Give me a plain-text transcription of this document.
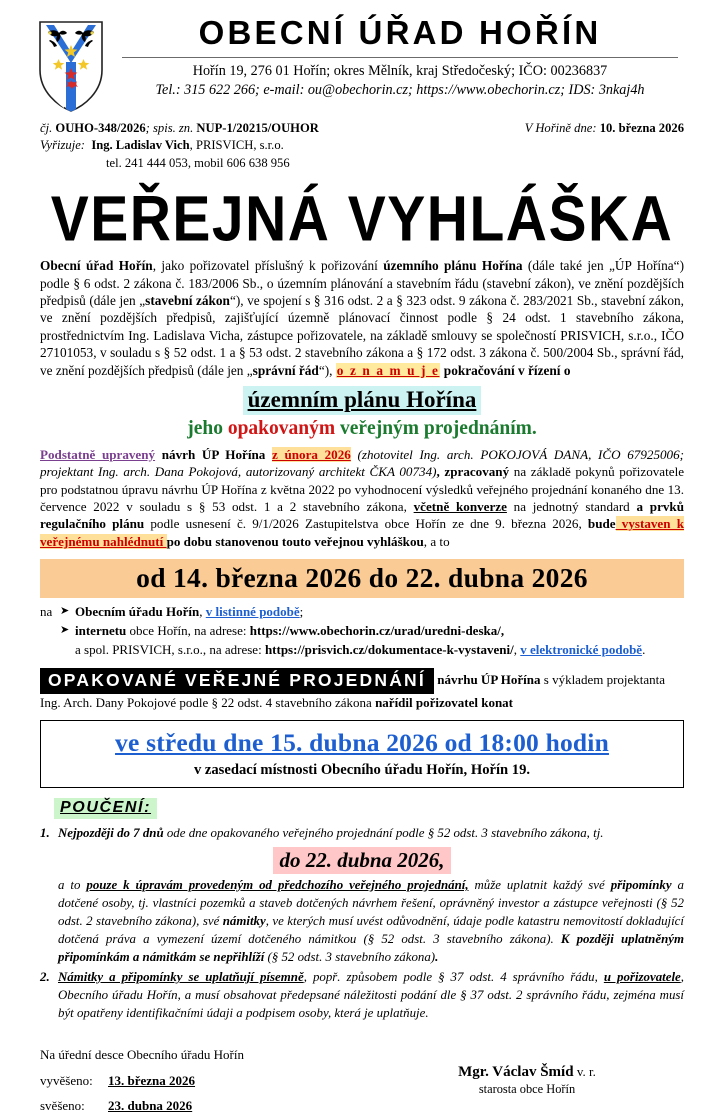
OBECNÍ ÚŘAD HOŘÍN
Hořín 19, 276 01 Hořín; okres Mělník, kraj Středočeský; IČO: 00236837
Tel.: 315 622 266; e-mail: ou@obechorin.cz; https://www.obechorin.cz; IDS: 3nkaj4h
čj. OUHO-348/2026; spis. zn. NUP-1/20215/OUHOR	V Hořině dne: 10. března 2026
Vyřizuje: Ing. Ladislav Vich, PRISVICH, s.r.o.
tel. 241 444 053, mobil 606 638 956
VEŘEJNÁ VYHLÁŠKA

Obecní úřad Hořín, jako pořizovatel příslušný k pořizování územního plánu Hořína (dále také jen „ÚP Hořína“) podle § 6 odst. 2 zákona č. 183/2006 Sb., o územním plánování a stavebním řádu (stavební zákon), ve znění pozdějších předpisů (dále jen „stavební zákon“), ve spojení s § 316 odst. 2 a § 323 odst. 9 zákona č. 283/2021 Sb., stavební zákon, ve znění pozdějších předpisů, zajišťující územně plánovací činnost podle § 24 odst. 1 stavebního zákona, prostřednictvím Ing. Ladislava Vicha, zástupce pořizovatele, na základě smlouvy se společností PRISVICH, s.r.o., IČO 27101053, v souladu s § 52 odst. 1 a § 53 odst. 2 stavebního zákona a § 172 odst. 3 zákona č. 500/2004 Sb., správní řád, ve znění pozdějších předpisů (dále jen „správní řád“), o z n a m u j e pokračování v řízení o

územním plánu Hořína
jeho opakovaným veřejným projednáním.

Podstatně upravený návrh ÚP Hořína z února 2026 (zhotovitel Ing. arch. POKOJOVÁ DANA, IČO 67925006; projektant Ing. arch. Dana Pokojová, autorizovaný architekt ČKA 00734), zpracovaný na základě pokynů pořizovatele pro podstatnou úpravu návrhu ÚP Hořína z května 2022 po vyhodnocení výsledků veřejného projednání konaného dne 13. července 2022 v souladu s § 53 odst. 1 a 2 stavebního zákona, včetně konverze na jednotný standard a prvků regulačního plánu podle usnesení č. 9/1/2026 Zastupitelstva obce Hořín ze dne 9. března 2026, bude vystaven k veřejnému nahlédnutí po dobu stanovenou touto veřejnou vyhláškou, a to

od 14. března 2026 do 22. dubna 2026
na ➤ Obecním úřadu Hořín, v listinné podobě;
➤ internetu obce Hořín, na adrese: https://www.obechorin.cz/urad/uredni-deska/,
a spol. PRISVICH, s.r.o., na adrese: https://prisvich.cz/dokumentace-k-vystaveni/, v elektronické podobě.
OPAKOVANÉ VEŘEJNÉ PROJEDNÁNÍ návrhu ÚP Hořína s výkladem projektanta Ing. Arch. Dany Pokojové podle § 22 odst. 4 stavebního zákona nařídil pořizovatel konat
ve středu dne 15. dubna 2026 od 18:00 hodin
v zasedací místnosti Obecního úřadu Hořín, Hořín 19.
POUČENÍ:
1. Nejpozději do 7 dnů ode dne opakovaného veřejného projednání podle § 52 odst. 3 stavebního zákona, tj.
do 22. dubna 2026,
a to pouze k úpravám provedeným od předchozího veřejného projednání, může uplatnit každý své připomínky a dotčené osoby, tj. vlastníci pozemků a staveb dotčených návrhem řešení, oprávněný investor a zástupce veřejnosti (§ 52 odst. 2 stavebního zákona), své námitky, ve kterých musí uvést odůvodnění, údaje podle katastru nemovitostí dokladující dotčená práva a vymezení území dotčeného námitkou (§ 52 odst. 3 stavebního zákona). K později uplatněným připomínkám a námitkám se nepřihlíží (§ 52 odst. 3 stavebního zákona).
2. Námitky a připomínky se uplatňují písemně, popř. způsobem podle § 37 odst. 4 správního řádu, u pořizovatele, Obecního úřadu Hořín, a musí obsahovat předepsané náležitosti podání dle § 37 odst. 2 správního řádu, zejména musí být opatřeny identifikačními údaji a podpisem osoby, která je uplatňuje.
Na úřední desce Obecního úřadu Hořín
vyvěšeno:	13. března 2026
svěšeno:	23. dubna 2026
Mgr. Václav Šmíd v. r.
starosta obce Hořín
